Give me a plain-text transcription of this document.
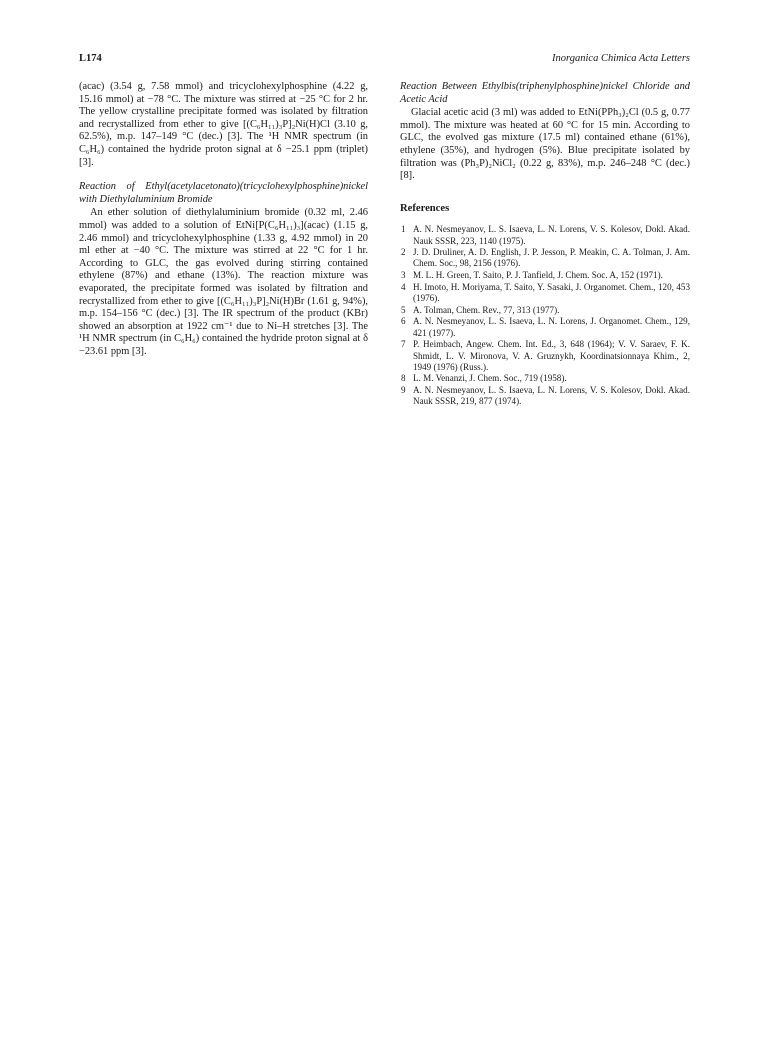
L174	Inorganica Chimica Acta Letters

(acac) (3.54 g, 7.58 mmol) and tricyclohexylphosphine (4.22 g, 15.16 mmol) at −78 °C. The mixture was stirred at −25 °C for 2 hr. The yellow crystalline precipitate formed was isolated by filtration and recrystallized from ether to give [(C₆H₁₁)₃P]₂Ni(H)Cl (3.10 g, 62.5%), m.p. 147–149 °C (dec.) [3]. The ¹H NMR spectrum (in C₆H₆) contained the hydride proton signal at δ −25.1 ppm (triplet) [3].

Reaction of Ethyl(acetylacetonato)(tricyclohexylphosphine)nickel with Diethylaluminium Bromide

An ether solution of diethylaluminium bromide (0.32 ml, 2.46 mmol) was added to a solution of EtNi[P(C₆H₁₁)₃](acac) (1.15 g, 2.46 mmol) and tricyclohexylphosphine (1.33 g, 4.92 mmol) in 20 ml ether at −40 °C. The mixture was stirred at 22 °C for 1 hr. According to GLC, the gas evolved during stirring contained ethylene (87%) and ethane (13%). The reaction mixture was evaporated, the precipitate formed was isolated by filtration and recrystallized from ether to give [(C₆H₁₁)₃P]₂Ni(H)Br (1.61 g, 94%), m.p. 154–156 °C (dec.) [3]. The IR spectrum of the product (KBr) showed an absorption at 1922 cm⁻¹ due to Ni–H stretches [3]. The ¹H NMR spectrum (in C₆H₆) contained the hydride proton signal at δ −23.61 ppm [3].

Reaction Between Ethylbis(triphenylphosphine)nickel Chloride and Acetic Acid

Glacial acetic acid (3 ml) was added to EtNi(PPh₃)₂Cl (0.5 g, 0.77 mmol). The mixture was heated at 60 °C for 15 min. According to GLC, the evolved gas mixture (17.5 ml) contained ethane (61%), ethylene (35%), and hydrogen (5%). Blue precipitate isolated by filtration was (Ph₃P)₂NiCl₂ (0.22 g, 83%), m.p. 246–248 °C (dec.) [8].

References

1 A. N. Nesmeyanov, L. S. Isaeva, L. N. Lorens, V. S. Kolesov, Dokl. Akad. Nauk SSSR, 223, 1140 (1975).
2 J. D. Druliner, A. D. English, J. P. Jesson, P. Meakin, C. A. Tolman, J. Am. Chem. Soc., 98, 2156 (1976).
3 M. L. H. Green, T. Saito, P. J. Tanfield, J. Chem. Soc. A, 152 (1971).
4 H. Imoto, H. Moriyama, T. Saito, Y. Sasaki, J. Organomet. Chem., 120, 453 (1976).
5 A. Tolman, Chem. Rev., 77, 313 (1977).
6 A. N. Nesmeyanov, L. S. Isaeva, L. N. Lorens, J. Organomet. Chem., 129, 421 (1977).
7 P. Heimbach, Angew. Chem. Int. Ed., 3, 648 (1964); V. V. Saraev, F. K. Shmidt, L. V. Mironova, V. A. Gruznykh, Koordinatsionnaya Khim., 2, 1949 (1976) (Russ.).
8 L. M. Venanzi, J. Chem. Soc., 719 (1958).
9 A. N. Nesmeyanov, L. S. Isaeva, L. N. Lorens, V. S. Kolesov, Dokl. Akad. Nauk SSSR, 219, 877 (1974).
